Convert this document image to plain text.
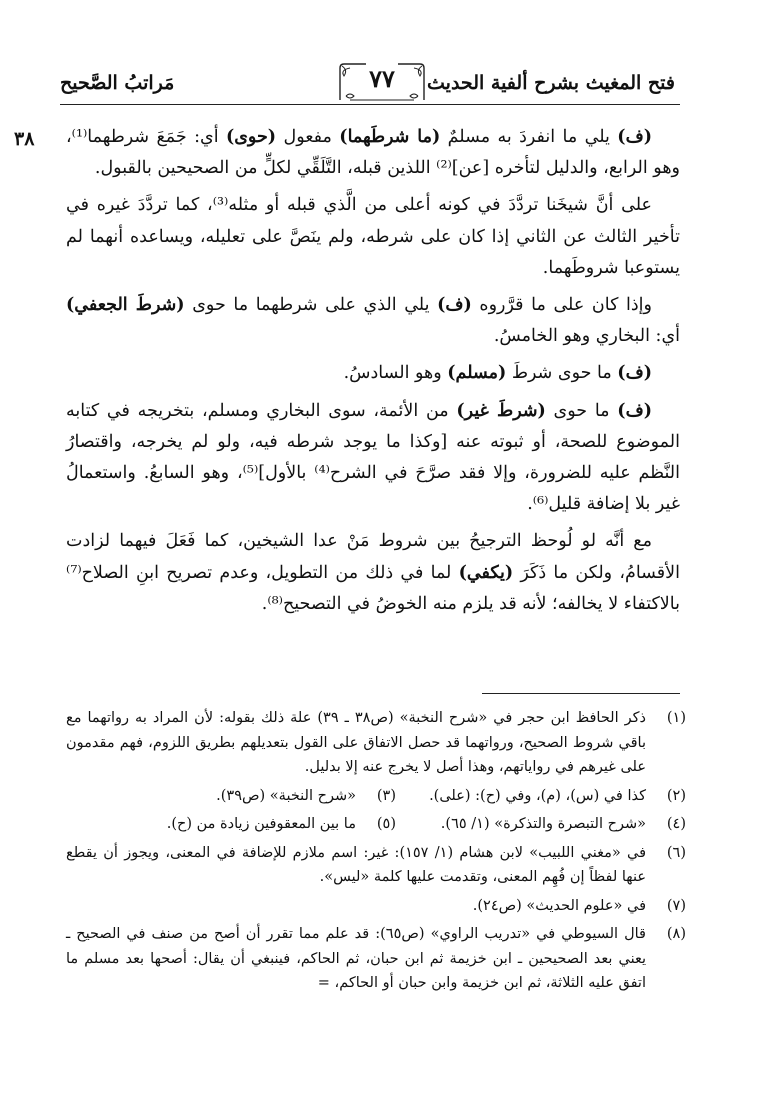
فتح المغيث بشرح ألفية الحديث
٧٧
مَراتبُ الصَّحيح
٣٨	(ف) يلي ما انفردَ به مسلمٌ (ما شرطَهما) مفعول (حوى) أي: جَمَعَ شرطهما⁽¹⁾، وهو الرابع، والدليل لتأخره [عن]⁽²⁾ اللذين قبله، التَّلَقِّي لكلٍّ من الصحيحين بالقبول.

على أنَّ شيخَنا تردَّدَ في كونه أعلى من الَّذي قبله أو مثله⁽³⁾، كما تردَّدَ غيره في تأخير الثالث عن الثاني إذا كان على شرطه، ولم ينَصَّ على تعليله، ويساعده أنهما لم يستوعبا شروطَهما.

وإذا كان على ما قرَّروه (ف) يلي الذي على شرطهما ما حوى (شرطَ الجعفي) أي: البخاري وهو الخامسُ.

(ف) ما حوى شرطَ (مسلم) وهو السادسُ.

(ف) ما حوى (شرطَ غير) من الأئمة، سوى البخاري ومسلم، بتخريجه في كتابه الموضوع للصحة، أو ثبوته عنه [وكذا ما يوجد شرطه فيه، ولو لم يخرجه، واقتصارُ النَّظم عليه للضرورة، وإلا فقد صرَّحَ في الشرح⁽⁴⁾ بالأول]⁽⁵⁾، وهو السابعُ. واستعمالُ غير بلا إضافة قليل⁽⁶⁾.

مع أنَّه لو لُوحظ الترجيحُ بين شروط مَنْ عدا الشيخين، كما فَعَلَ فيهما لزادت الأقسامُ، ولكن ما ذَكَرَ (يكفي) لما في ذلك من التطويل، وعدم تصريح ابنِ الصلاح⁽⁷⁾ بالاكتفاء لا يخالفه؛ لأنه قد يلزم منه الخوضُ في التصحيح⁽⁸⁾.

(١)
ذكر الحافظ ابن حجر في «شرح النخبة» (ص٣٨ ـ ٣٩) علة ذلك بقوله: لأن المراد به رواتهما مع باقي شروط الصحيح، ورواتهما قد حصل الاتفاق على القول بتعديلهم بطريق اللزوم، فهم مقدمون على غيرهم في رواياتهم، وهذا أصل لا يخرج عنه إلا بدليل.
(٢)
كذا في (س)، (م)، وفي (ح): (على).
(٣)
«شرح النخبة» (ص٣٩).
(٤)
«شرح التبصرة والتذكرة» (١/ ٦٥).
(٥)
ما بين المعقوفين زيادة من (ح).
(٦)
في «مغني اللبيب» لابن هشام (١/ ١٥٧): غير: اسم ملازم للإضافة في المعنى، ويجوز أن يقطع عنها لفظاً إن فُهِم المعنى، وتقدمت عليها كلمة «ليس».
(٧)
في «علوم الحديث» (ص٢٤).
(٨)
قال السيوطي في «تدريب الراوي» (ص٦٥): قد علم مما تقرر أن أصح من صنف في الصحيح ـ يعني بعد الصحيحين ـ ابن خزيمة ثم ابن حبان، ثم الحاكم، فينبغي أن يقال: أصحها بعد مسلم ما اتفق عليه الثلاثة، ثم ابن خزيمة وابن حبان أو الحاكم، =
